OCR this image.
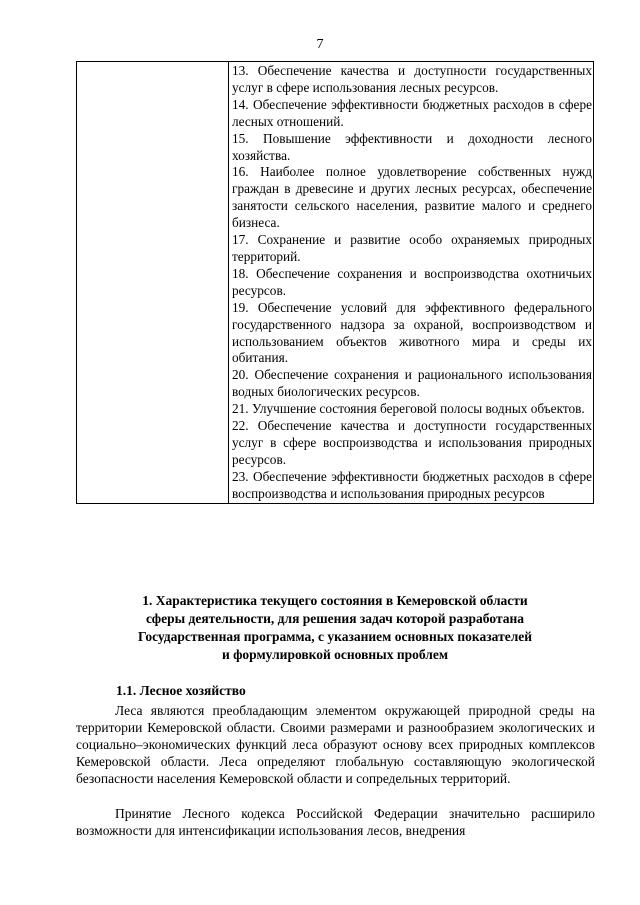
7

13. Обеспечение качества и доступности государственных услуг в сфере использования лесных ресурсов.
14. Обеспечение эффективности бюджетных расходов в сфере лесных отношений.
15. Повышение эффективности и доходности лесного хозяйства.
16. Наиболее полное удовлетворение собственных нужд граждан в древесине и других лесных ресурсах, обеспечение занятости сельского населения, развитие малого и среднего бизнеса.
17. Сохранение и развитие особо охраняемых природных территорий.
18. Обеспечение сохранения и воспроизводства охотничьих ресурсов.
19. Обеспечение условий для эффективного федерального государственного надзора за охраной, воспроизводством и использованием объектов животного мира и среды их обитания.
20. Обеспечение сохранения и рационального использования водных биологических ресурсов.
21. Улучшение состояния береговой полосы водных объектов.
22. Обеспечение качества и доступности государственных услуг в сфере воспроизводства и использования природных ресурсов.
23. Обеспечение эффективности бюджетных расходов в сфере воспроизводства и использования природных ресурсов
1. Характеристика текущего состояния в Кемеровской области
сферы деятельности, для решения задач которой разработана
Государственная программа, с указанием основных показателей
и формулировкой основных проблем
1.1. Лесное хозяйство

Леса являются преобладающим элементом окружающей природной среды на территории Кемеровской области. Своими размерами и разнообразием экологических и социально–экономических функций леса образуют основу всех природных комплексов Кемеровской области. Леса определяют глобальную составляющую экологической безопасности населения Кемеровской области и сопредельных территорий.

Принятие Лесного кодекса Российской Федерации значительно расширило возможности для интенсификации использования лесов, внедрения
